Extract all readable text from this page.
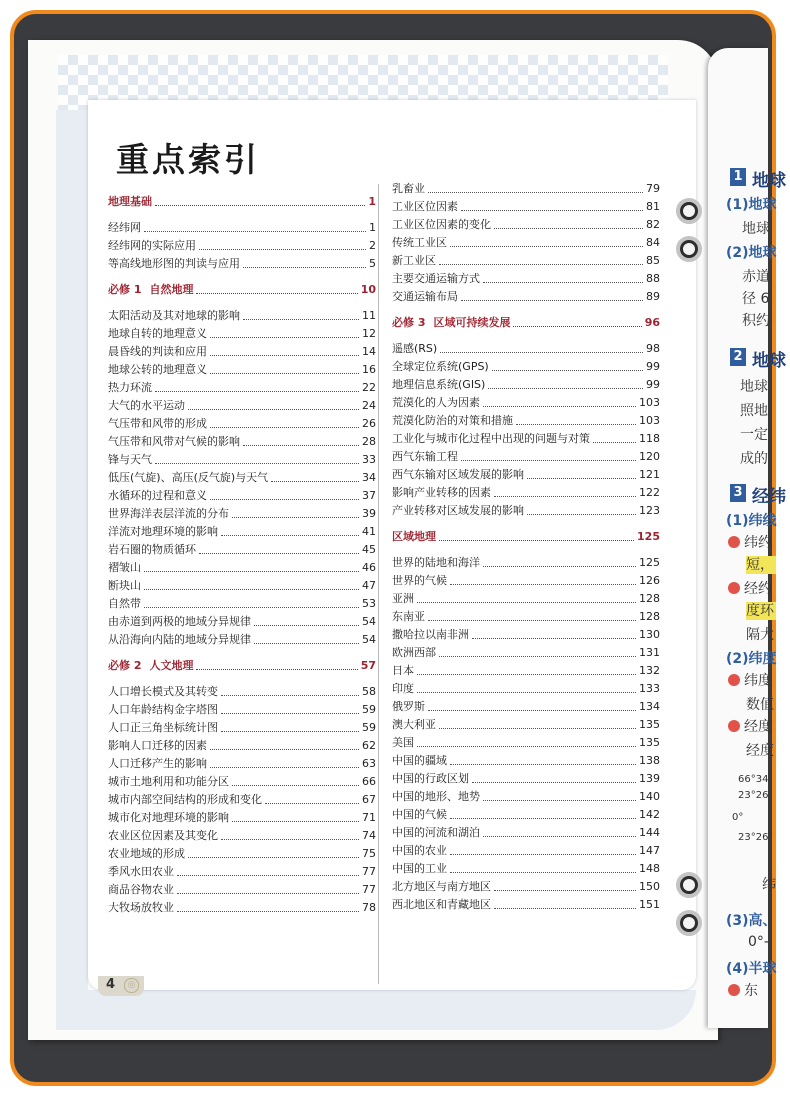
1 地球
(1)地球
地球
(2)地球
赤道
径 6
积约
2 地球
地球
照地
一定
成的
3 经纬
(1)纬线
纬约
短，
经约
度环
隔大
(2)纬度
纬度
数值
经度
经度
66°34'
23°26'
0°
23°26'
纬
(3)高、
0°-
(4)半球
东
重点索引
地理基础	1
经纬网	1
经纬网的实际应用	2
等高线地形图的判读与应用	5
必修 1 自然地理	10
太阳活动及其对地球的影响	11
地球自转的地理意义	12
晨昏线的判读和应用	14
地球公转的地理意义	16
热力环流	22
大气的水平运动	24
气压带和风带的形成	26
气压带和风带对气候的影响	28
锋与天气	33
低压(气旋)、高压(反气旋)与天气	34
水循环的过程和意义	37
世界海洋表层洋流的分布	39
洋流对地理环境的影响	41
岩石圈的物质循环	45
褶皱山	46
断块山	47
自然带	53
由赤道到两极的地域分异规律	54
从沿海向内陆的地域分异规律	54
必修 2 人文地理	57
人口增长模式及其转变	58
人口年龄结构金字塔图	59
人口正三角坐标统计图	59
影响人口迁移的因素	62
人口迁移产生的影响	63
城市土地利用和功能分区	66
城市内部空间结构的形成和变化	67
城市化对地理环境的影响	71
农业区位因素及其变化	74
农业地域的形成	75
季风水田农业	77
商品谷物农业	77
大牧场放牧业	78
乳畜业	79
工业区位因素	81
工业区位因素的变化	82
传统工业区	84
新工业区	85
主要交通运输方式	88
交通运输布局	89
必修 3 区域可持续发展	96
遥感(RS)	98
全球定位系统(GPS)	99
地理信息系统(GIS)	99
荒漠化的人为因素	103
荒漠化防治的对策和措施	103
工业化与城市化过程中出现的问题与对策	118
西气东输工程	120
西气东输对区域发展的影响	121
影响产业转移的因素	122
产业转移对区域发展的影响	123
区域地理	125
世界的陆地和海洋	125
世界的气候	126
亚洲	128
东南亚	128
撒哈拉以南非洲	130
欧洲西部	131
日本	132
印度	133
俄罗斯	134
澳大利亚	135
美国	135
中国的疆域	138
中国的行政区划	139
中国的地形、地势	140
中国的气候	142
中国的河流和湖泊	144
中国的农业	147
中国的工业	148
北方地区与南方地区	150
西北地区和青藏地区	151
4	◎
